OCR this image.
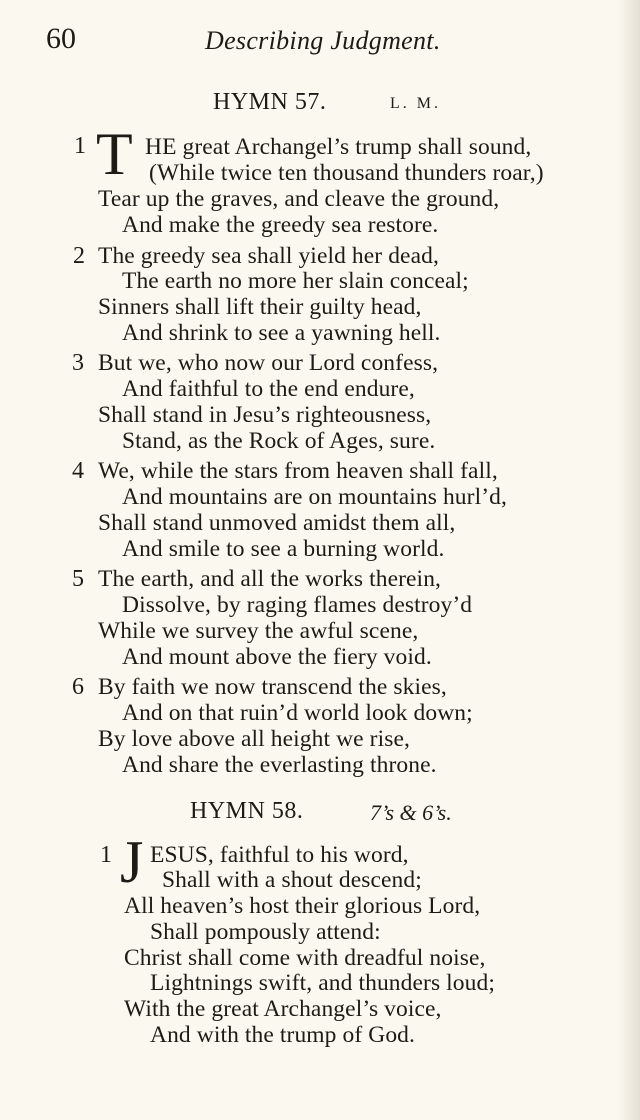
60	Describing Judgment.
HYMN 57.	L. M.
1 T HE great Archangel’s trump shall sound,
(While twice ten thousand thunders roar,)
Tear up the graves, and cleave the ground,
And make the greedy sea restore.
2 The greedy sea shall yield her dead,
The earth no more her slain conceal;
Sinners shall lift their guilty head,
And shrink to see a yawning hell.
3 But we, who now our Lord confess,
And faithful to the end endure,
Shall stand in Jesu’s righteousness,
Stand, as the Rock of Ages, sure.
4 We, while the stars from heaven shall fall,
And mountains are on mountains hurl’d,
Shall stand unmoved amidst them all,
And smile to see a burning world.
5 The earth, and all the works therein,
Dissolve, by raging flames destroy’d
While we survey the awful scene,
And mount above the fiery void.
6 By faith we now transcend the skies,
And on that ruin’d world look down;
By love above all height we rise,
And share the everlasting throne.
HYMN 58.	7’s & 6’s.
1 J ESUS, faithful to his word,
Shall with a shout descend;
All heaven’s host their glorious Lord,
Shall pompously attend:
Christ shall come with dreadful noise,
Lightnings swift, and thunders loud;
With the great Archangel’s voice,
And with the trump of God.
